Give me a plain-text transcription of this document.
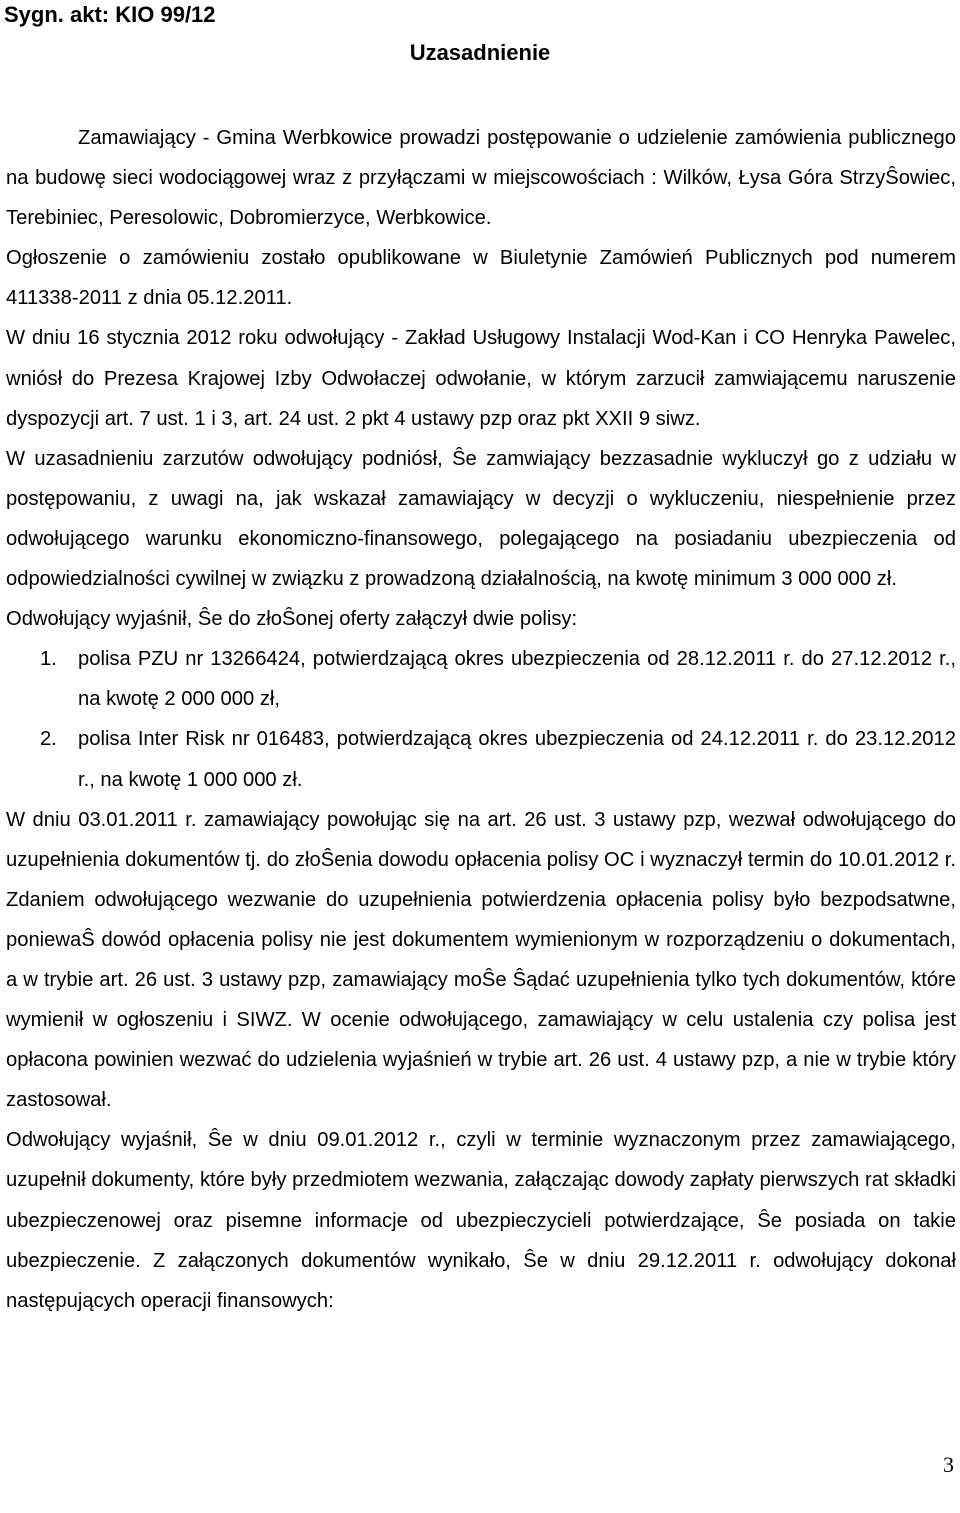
Sygn. akt: KIO 99/12
Uzasadnienie

Zamawiający - Gmina Werbkowice prowadzi postępowanie o udzielenie zamówienia publicznego na budowę sieci wodociągowej wraz z przyłączami w miejscowościach : Wilków, Łysa Góra StrzyŜowiec, Terebiniec, Peresolowic, Dobromierzyce, Werbkowice.

Ogłoszenie o zamówieniu zostało opublikowane w Biuletynie Zamówień Publicznych pod numerem 411338-2011 z dnia 05.12.2011.

W dniu 16 stycznia 2012 roku odwołujący - Zakład Usługowy Instalacji Wod-Kan i CO Henryka Pawelec, wniósł do Prezesa Krajowej Izby Odwołaczej odwołanie, w którym zarzucił zamwiającemu naruszenie dyspozycji art. 7 ust. 1 i 3, art. 24 ust. 2 pkt 4 ustawy pzp oraz pkt XXII 9 siwz.

W uzasadnieniu zarzutów odwołujący podniósł, Ŝe zamwiający bezzasadnie wykluczył go z udziału w postępowaniu, z uwagi na, jak wskazał zamawiający w decyzji o wykluczeniu, niespełnienie przez odwołującego warunku ekonomiczno-finansowego, polegającego na posiadaniu ubezpieczenia od odpowiedzialności cywilnej w związku z prowadzoną działalnością, na kwotę minimum 3 000 000 zł.

Odwołujący wyjaśnił, Ŝe do złoŜonej oferty załączył dwie polisy:

1.	polisa PZU nr 13266424, potwierdzającą okres ubezpieczenia od 28.12.2011 r. do 27.12.2012 r., na kwotę 2 000 000 zł,
2.	polisa Inter Risk nr 016483, potwierdzającą okres ubezpieczenia od 24.12.2011 r. do 23.12.2012 r., na kwotę 1 000 000 zł.

W dniu 03.01.2011 r. zamawiający powołując się na art. 26 ust. 3 ustawy pzp, wezwał odwołującego do uzupełnienia dokumentów tj. do złoŜenia dowodu opłacenia polisy OC i wyznaczył termin do 10.01.2012 r. Zdaniem odwołującego wezwanie do uzupełnienia potwierdzenia opłacenia polisy było bezpodsatwne, poniewaŜ dowód opłacenia polisy nie jest dokumentem wymienionym w rozporządzeniu o dokumentach, a w trybie art. 26 ust. 3 ustawy pzp, zamawiający moŜe Ŝądać uzupełnienia tylko tych dokumentów, które wymienił w ogłoszeniu i SIWZ. W ocenie odwołującego, zamawiający w celu ustalenia czy polisa jest opłacona powinien wezwać do udzielenia wyjaśnień w trybie art. 26 ust. 4 ustawy pzp, a nie w trybie który zastosował.

Odwołujący wyjaśnił, Ŝe w dniu 09.01.2012 r., czyli w terminie wyznaczonym przez zamawiającego, uzupełnił dokumenty, które były przedmiotem wezwania, załączając dowody zapłaty pierwszych rat składki ubezpieczenowej oraz pisemne informacje od ubezpieczycieli potwierdzające, Ŝe posiada on takie ubezpieczenie. Z załączonych dokumentów wynikało, Ŝe w dniu 29.12.2011 r. odwołujący dokonał następujących operacji finansowych:

3
